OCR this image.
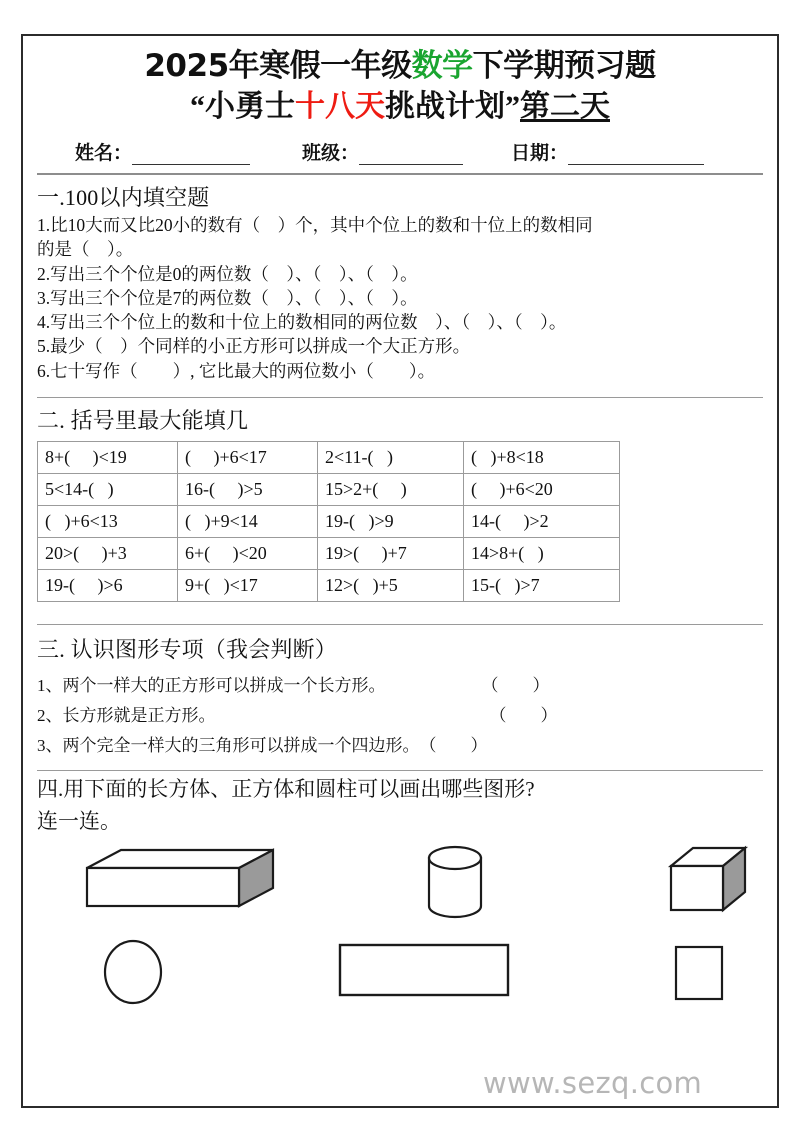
2025年寒假一年级数学下学期预习题
“小勇士十八天挑战计划”第二天
姓名：	班级：	日期：
一.100以内填空题
1.比10大而又比20小的数有（　）个，其中个位上的数和十位上的数相同
的是（　）。
2.写出三个个位是0的两位数（　）、（　）、（　）。
3.写出三个个位是7的两位数（　）、（　）、（　）。
4.写出三个个位上的数和十位上的数相同的两位数　）、（　）、（　）。
5.最少（　）个同样的小正方形可以拼成一个大正方形。
6.七十写作（　　）, 它比最大的两位数小（　　）。
二. 括号里最大能填几
8+(     )<19	(     )+6<17	2<11-(   )	(   )+8<18
5<14-(   )	16-(     )>5	15>2+(     )	(     )+6<20
(   )+6<13	(   )+9<14	19-(   )>9	14-(     )>2
20>(     )+3	6+(     )<20	19>(     )+7	14>8+(   )
19-(     )>6	9+(   )<17	12>(   )+5	15-(   )>7
三. 认识图形专项（我会判断）
1、两个一样大的正方形可以拼成一个长方形。	（　　）
2、长方形就是正方形。	（　　）
3、两个完全一样大的三角形可以拼成一个四边形。 （　　）
四.用下面的长方体、正方体和圆柱可以画出哪些图形?
连一连。
www.sezq.com
